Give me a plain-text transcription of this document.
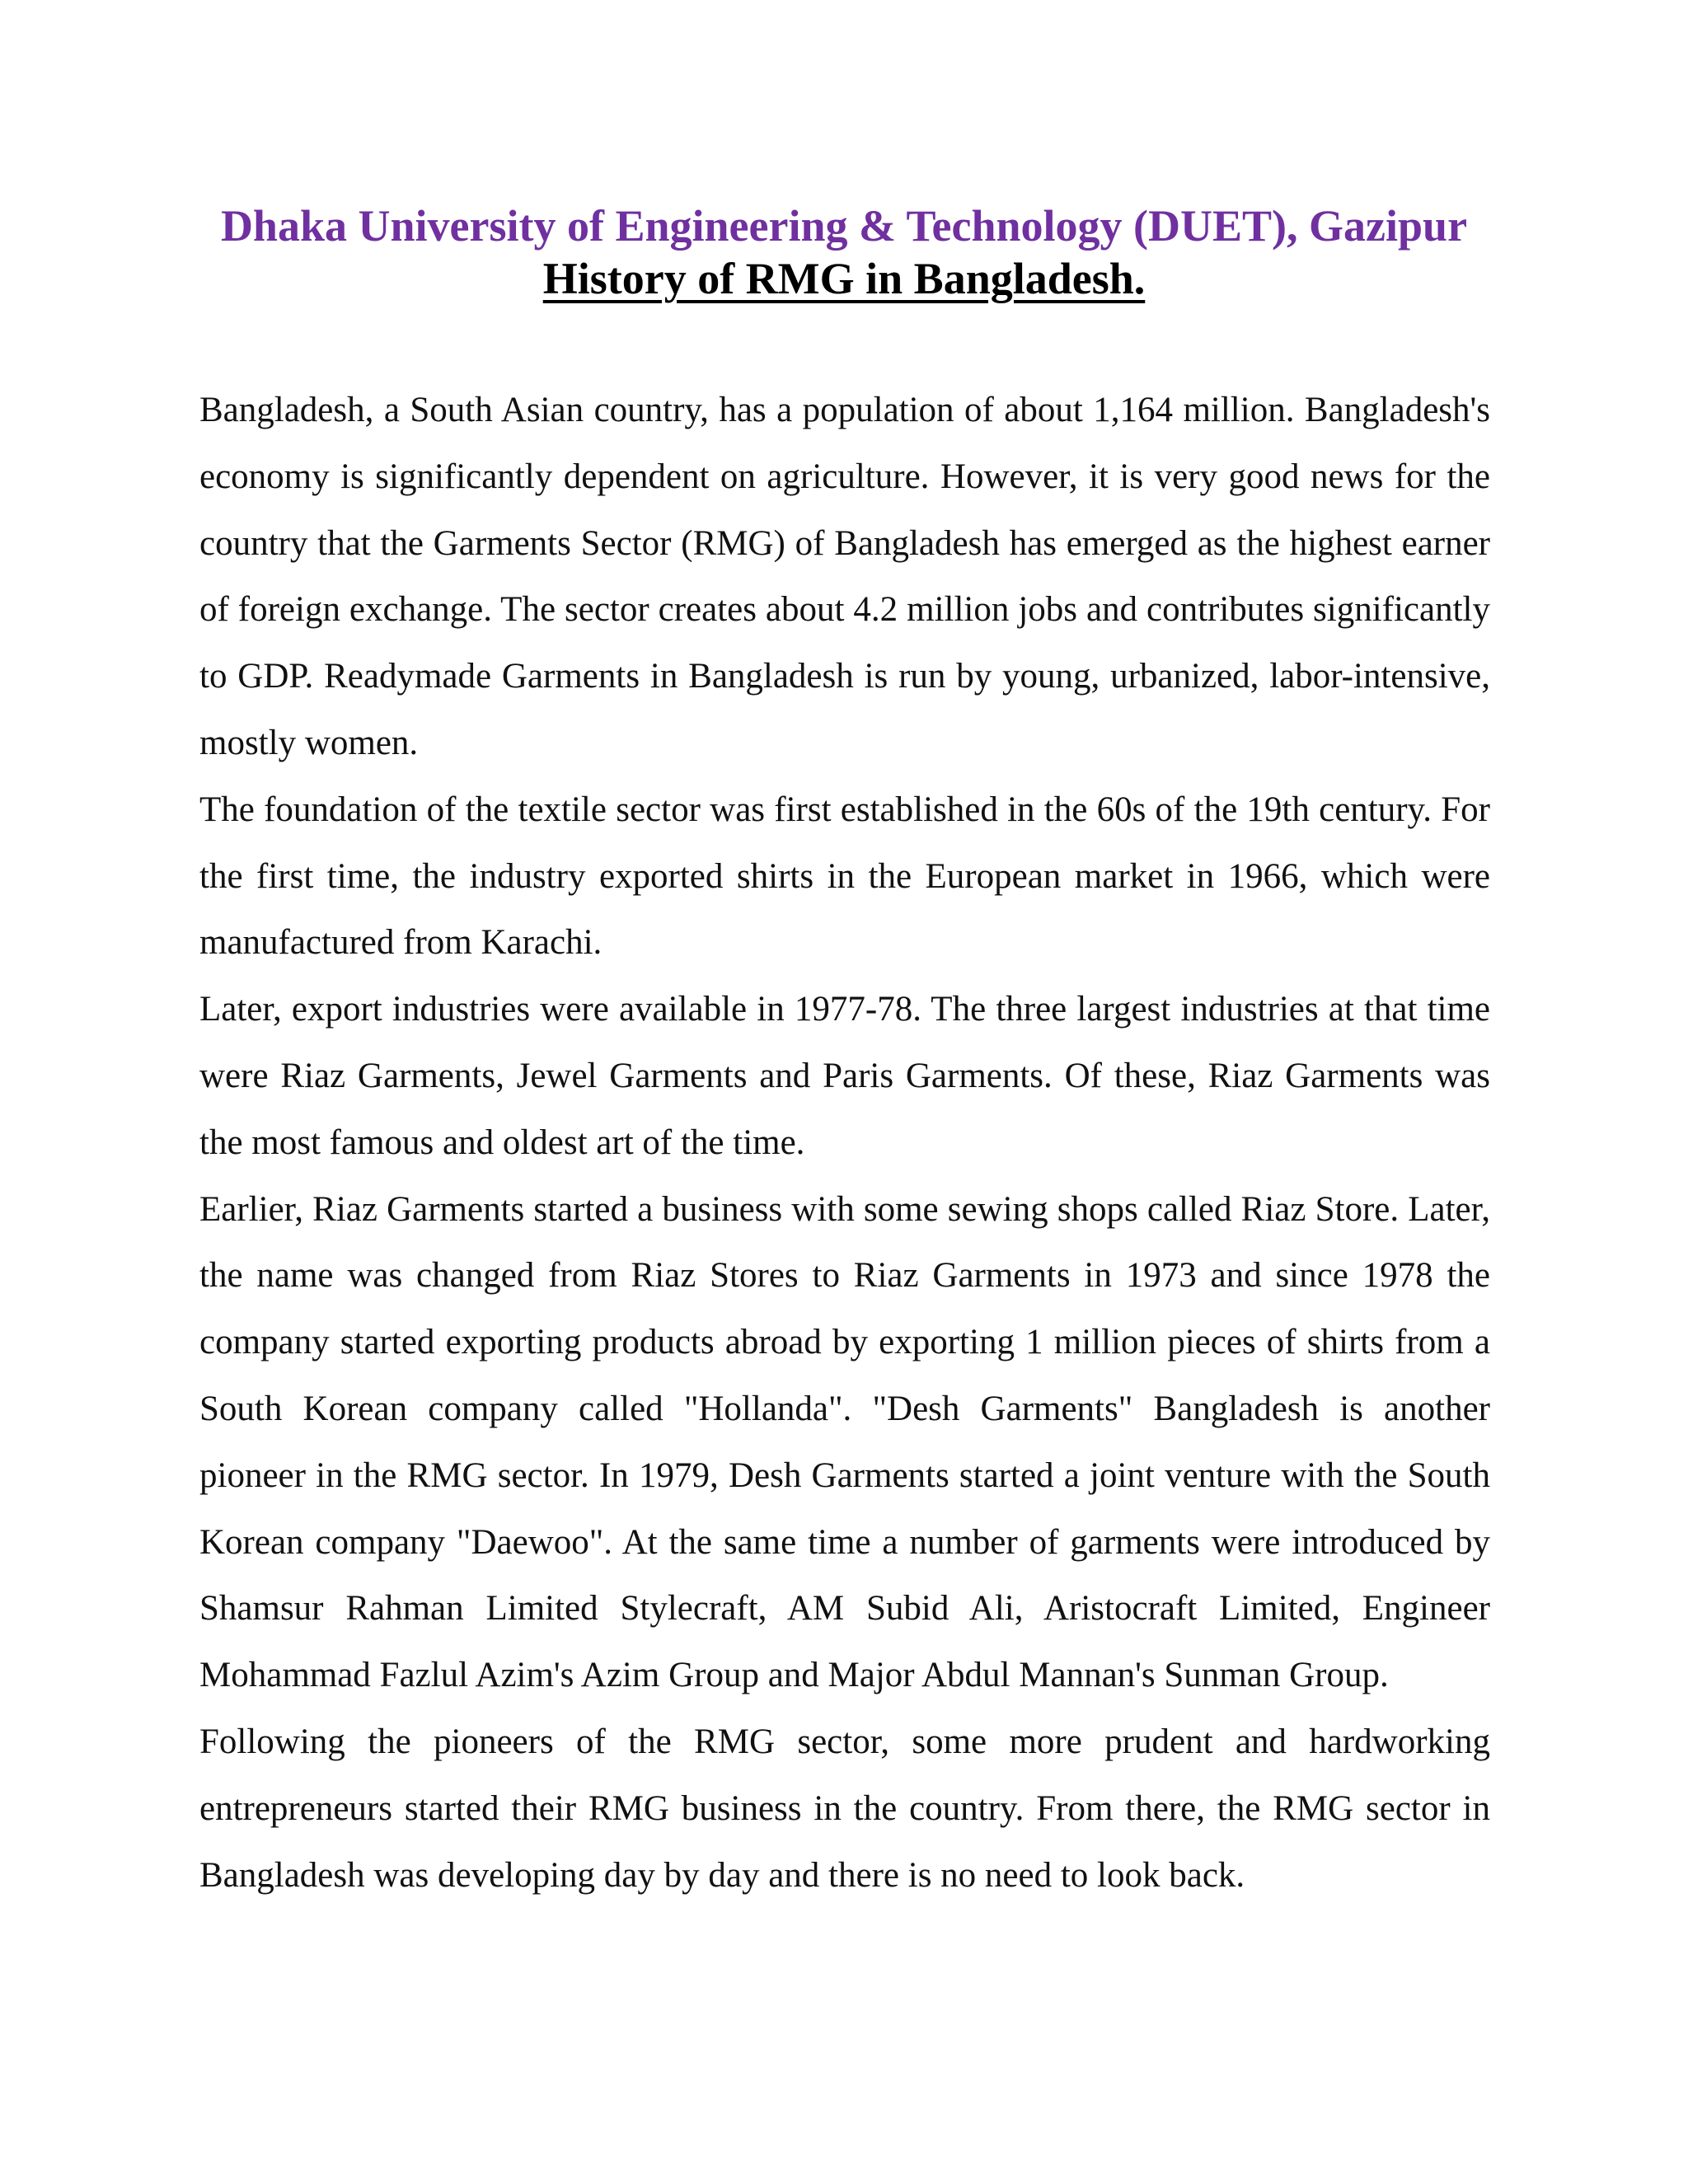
Dhaka University of Engineering & Technology (DUET), Gazipur
History of RMG in Bangladesh.

Bangladesh, a South Asian country, has a population of about 1,164 million. Bangladesh's economy is significantly dependent on agriculture. However, it is very good news for the country that the Garments Sector (RMG) of Bangladesh has emerged as the highest earner of foreign exchange. The sector creates about 4.2 million jobs and contributes significantly to GDP. Readymade Garments in Bangladesh is run by young, urbanized, labor-intensive, mostly women.

The foundation of the textile sector was first established in the 60s of the 19th century. For the first time, the industry exported shirts in the European market in 1966, which were manufactured from Karachi.

Later, export industries were available in 1977-78. The three largest industries at that time were Riaz Garments, Jewel Garments and Paris Garments. Of these, Riaz Garments was the most famous and oldest art of the time.

Earlier, Riaz Garments started a business with some sewing shops called Riaz Store. Later, the name was changed from Riaz Stores to Riaz Garments in 1973 and since 1978 the company started exporting products abroad by exporting 1 million pieces of shirts from a South Korean company called "Hollanda". "Desh Garments" Bangladesh is another pioneer in the RMG sector. In 1979, Desh Garments started a joint venture with the South Korean company "Daewoo". At the same time a number of garments were introduced by Shamsur Rahman Limited Stylecraft, AM Subid Ali, Aristocraft Limited, Engineer Mohammad Fazlul Azim's Azim Group and Major Abdul Mannan's Sunman Group.

Following the pioneers of the RMG sector, some more prudent and hardworking entrepreneurs started their RMG business in the country. From there, the RMG sector in Bangladesh was developing day by day and there is no need to look back.
